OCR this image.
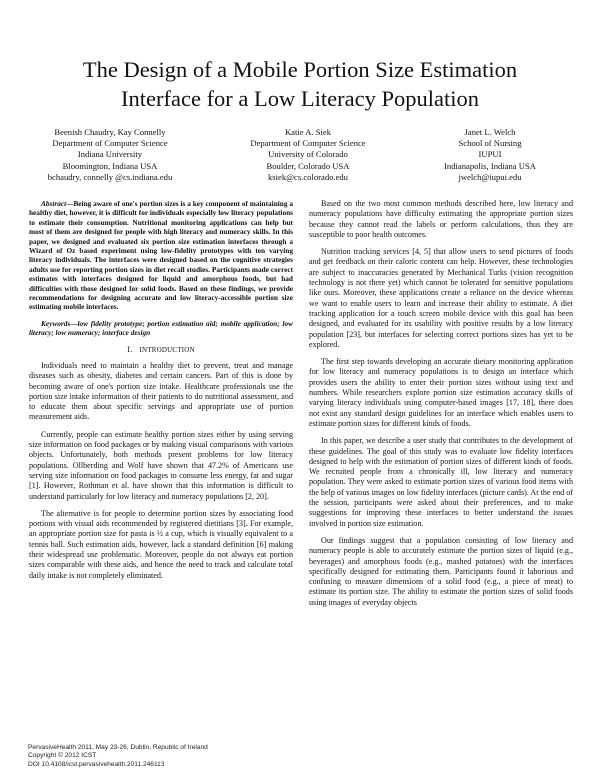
The Design of a Mobile Portion Size Estimation
Interface for a Low Literacy Population
Beenish Chaudry, Kay Connelly
Department of Computer Science
Indiana University
Bloomington, Indiana USA
bchaudry, connelly @cs.indiana.edu
Katie A. Siek
Department of Computer Science
University of Colorado
Boulder, Colorado USA
ksiek@cs.colorado.edu
Janet L. Welch
School of Nursing
IUPUI
Indianapolis, Indiana USA
jwelch@iupui.edu

Abstract—Being aware of one's portion sizes is a key component of maintaining a healthy diet, however, it is difficult for individuals especially low literacy populations to estimate their consumption. Nutritional monitoring applications can help but most of them are designed for people with high literacy and numeracy skills. In this paper, we designed and evaluated six portion size estimation interfaces through a Wizard of Oz based experiment using low-fidelity prototypes with ten varying literacy individuals. The interfaces were designed based on the cognitive strategies adults use for reporting portion sizes in diet recall studies. Participants made correct estimates with interfaces designed for liquid and amorphous foods, but had difficulties with those designed for solid foods. Based on these findings, we provide recommendations for designing accurate and low literacy-accessible portion size estimating mobile interfaces.

Keywords—low fidelity prototype; portion estimation aid; mobile application; low literacy; low numeracy; interface design

I. INTRODUCTION

Individuals need to maintain a healthy diet to prevent, treat and manage diseases such as obesity, diabetes and certain cancers. Part of this is done by becoming aware of one's portion size intake. Healthcare professionals use the portion size intake information of their patients to do nutritional assessment, and to educate them about specific servings and appropriate use of portion measurement aids.

Currently, people can estimate healthy portion sizes either by using serving size information on food packages or by making visual comparisons with various objects. Unfortunately, both methods present problems for low literacy populations. Ollberding and Wolf have shown that 47.2% of Americans use serving size information on food packages to consume less energy, fat and sugar [1]. However, Rothman et al. have shown that this information is difficult to understand particularly for low literacy and numeracy populations [2, 20].

The alternative is for people to determine portion sizes by associating food portions with visual aids recommended by registered dietitians [3]. For example, an appropriate portion size for pasta is ½ a cup, which is visually equivalent to a tennis ball. Such estimation aids, however, lack a standard definition [6] making their widespread use problematic. Moreover, people do not always eat portion sizes comparable with these aids, and hence the need to track and calculate total daily intake is not completely eliminated.

Based on the two most common methods described here, low literacy and numeracy populations have difficulty estimating the appropriate portion sizes because they cannot read the labels or perform calculations, thus they are susceptible to poor health outcomes.

Nutrition tracking services [4, 5] that allow users to send pictures of foods and get feedback on their caloric content can help. However, these technologies are subject to inaccuracies generated by Mechanical Turks (vision recognition technology is not there yet) which cannot be tolerated for sensitive populations like ours. Moreover, these applications create a reliance on the device whereas we want to enable users to learn and increase their ability to estimate. A diet tracking application for a touch screen mobile device with this goal has been designed, and evaluated for its usability with positive results by a low literacy population [23], but interfaces for selecting correct portions sizes has yet to be explored.

The first step towards developing an accurate dietary monitoring application for low literacy and numeracy populations is to design an interface which provides users the ability to enter their portion sizes without using text and numbers. While researchers explore portion size estimation accuracy skills of varying literacy individuals using computer-based images [17, 18], there does not exist any standard design guidelines for an interface which enables users to estimate portion sizes for different kinds of foods.

In this paper, we describe a user study that contributes to the development of these guidelines. The goal of this study was to evaluate low fidelity interfaces designed to help with the estimation of portion sizes of different kinds of foods. We recruited people from a chronically ill, low literacy and numeracy population. They were asked to estimate portion sizes of various food items with the help of various images on low fidelity interfaces (picture cards). At the end of the session, participants were asked about their preferences, and to make suggestions for improving these interfaces to better understand the issues involved in portion size estimation.

Our findings suggest that a population consisting of low literacy and numeracy people is able to accurately estimate the portion sizes of liquid (e.g., beverages) and amorphous foods (e.g., mashed potatoes) with the interfaces specifically designed for estimating them. Participants found it laborious and confusing to measure dimensions of a solid food (e.g., a piece of meat) to estimate its portion size. The ability to estimate the portion sizes of solid foods using images of everyday objects

PervasiveHealth 2011, May 23-26, Dublin, Republic of Ireland
Copyright © 2012 ICST
DOI 10.4108/icst.pervasivehealth.2011.246113
